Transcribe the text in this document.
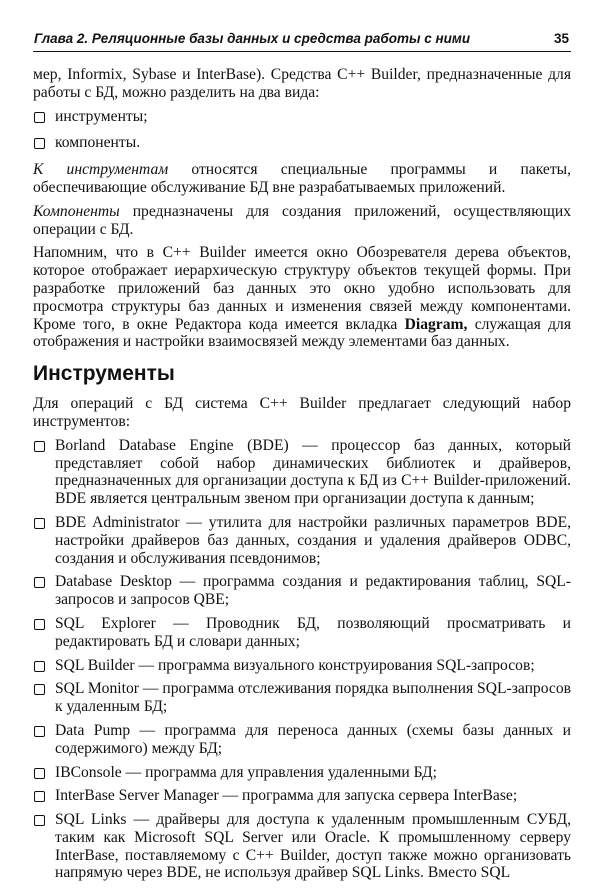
Глава 2. Реляционные базы данных и средства работы с ними	35

мер, Informix, Sybase и InterBase). Средства C++ Builder, предназначенные для работы с БД, можно разделить на два вида:

инструменты;
компоненты.

К инструментам относятся специальные программы и пакеты, обеспечивающие обслуживание БД вне разрабатываемых приложений.

Компоненты предназначены для создания приложений, осуществляющих операции с БД.

Напомним, что в C++ Builder имеется окно Обозревателя дерева объектов, которое отображает иерархическую структуру объектов текущей формы. При разработке приложений баз данных это окно удобно использовать для просмотра структуры баз данных и изменения связей между компонентами. Кроме того, в окне Редактора кода имеется вкладка Diagram, служащая для отображения и настройки взаимосвязей между элементами баз данных.

Инструменты

Для операций с БД система C++ Builder предлагает следующий набор инструментов:

Borland Database Engine (BDE) — процессор баз данных, который представляет собой набор динамических библиотек и драйверов, предназначенных для организации доступа к БД из C++ Builder-приложений. BDE является центральным звеном при организации доступа к данным;
BDE Administrator — утилита для настройки различных параметров BDE, настройки драйверов баз данных, создания и удаления драйверов ODBC, создания и обслуживания псевдонимов;
Database Desktop — программа создания и редактирования таблиц, SQL-запросов и запросов QBE;
SQL Explorer — Проводник БД, позволяющий просматривать и редактировать БД и словари данных;
SQL Builder — программа визуального конструирования SQL-запросов;
SQL Monitor — программа отслеживания порядка выполнения SQL-запросов к удаленным БД;
Data Pump — программа для переноса данных (схемы базы данных и содержимого) между БД;
IBConsole — программа для управления удаленными БД;
InterBase Server Manager — программа для запуска сервера InterBase;
SQL Links — драйверы для доступа к удаленным промышленным СУБД, таким как Microsoft SQL Server или Oracle. К промышленному серверу InterBase, поставляемому с C++ Builder, доступ также можно организовать напрямую через BDE, не используя драйвер SQL Links. Вместо SQL
